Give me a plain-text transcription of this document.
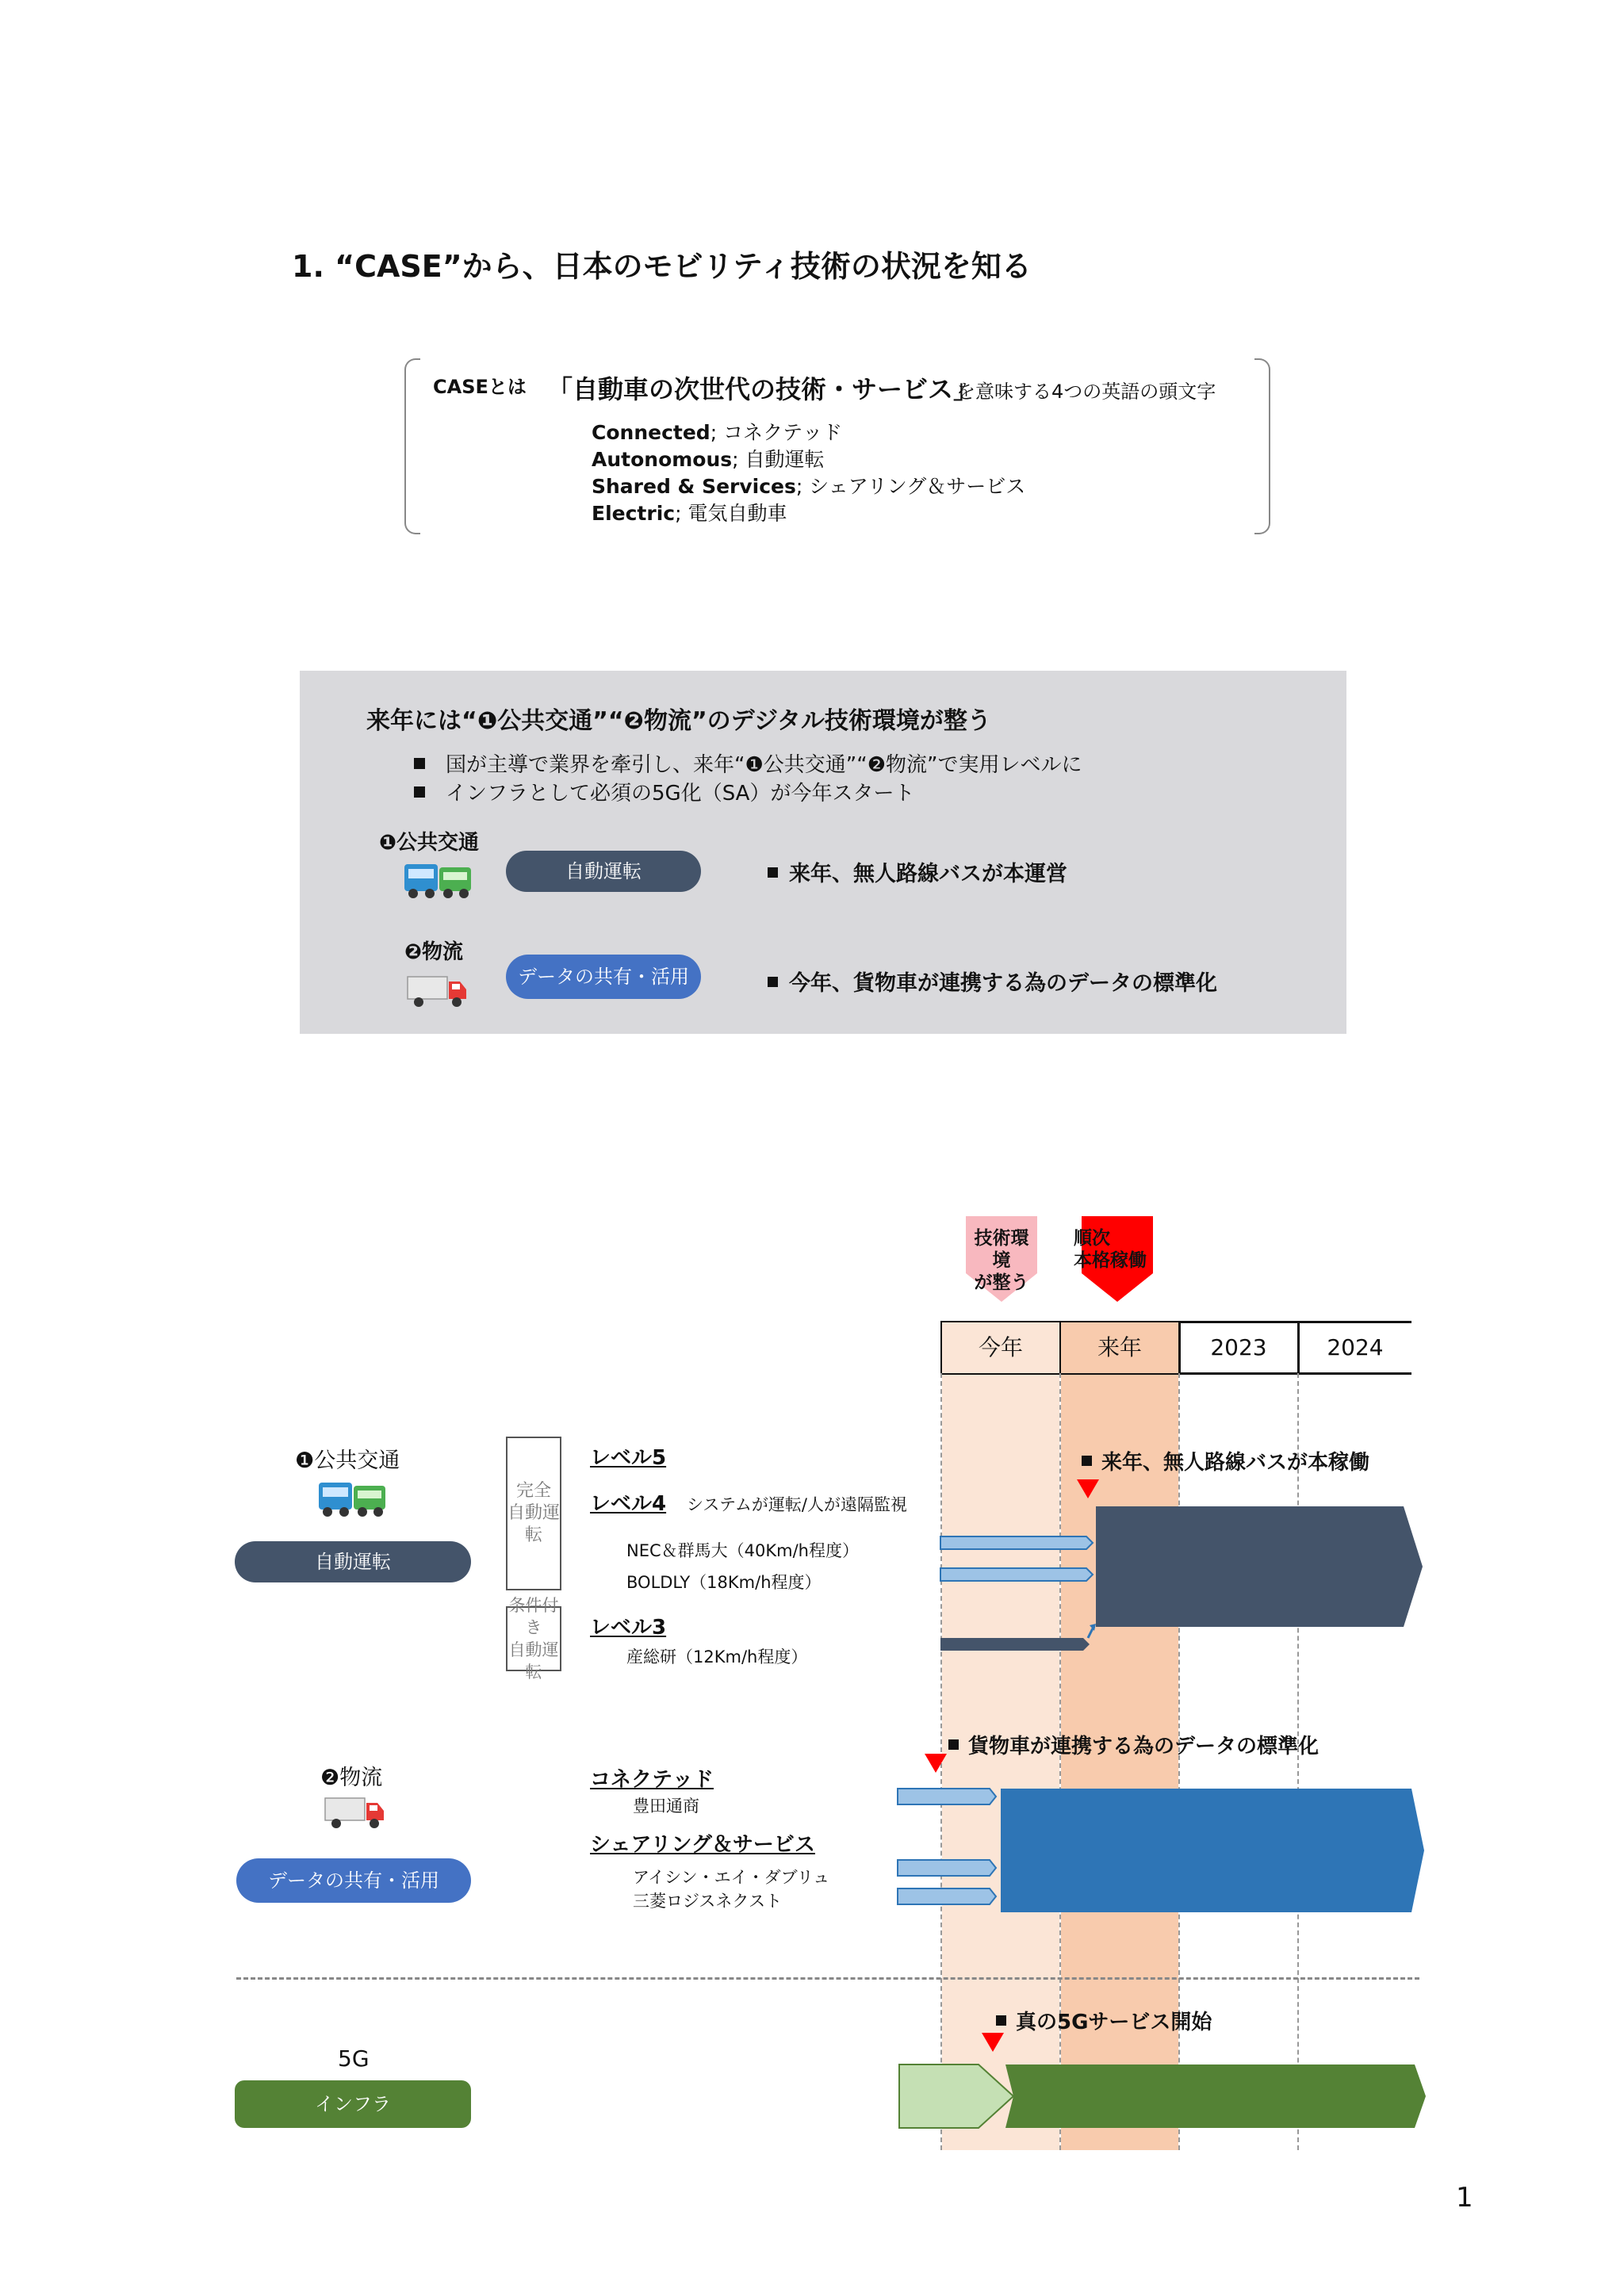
1. “CASE”から、日本のモビリティ技術の状況を知る
CASEとは 「自動車の次世代の技術・サービス」
を意味する4つの英語の頭文字
Connected; コネクテッド
Autonomous; 自動運転
Shared & Services; シェアリング＆サービス
Electric; 電気自動車
来年には“❶公共交通”“❷物流”のデジタル技術環境が整う
国が主導で業界を牽引し、来年“❶公共交通”“❷物流”で実用レベルに
インフラとして必須の5G化（SA）が今年スタート
❶公共交通
自動運転	来年、無人路線バスが本運営
❷物流
データの共有・活用	今年、貨物車が連携する為のデータの標準化
技術環境
が整う
順次
本格稼働
今年	来年	2023	2024
❶公共交通
自動運転
完全
自動運転
条件付き
自動運転
レベル5
レベル4 システムが運転/人が遠隔監視
NEC＆群馬大（40Km/h程度）
BOLDLY（18Km/h程度）
レベル3
産総研（12Km/h程度）
来年、無人路線バスが本稼働
貨物車が連携する為のデータの標準化
❷物流
データの共有・活用
コネクテッド
豊田通商
シェアリング＆サービス
アイシン・エイ・ダブリュ
三菱ロジスネクスト
真の5Gサービス開始
5G
インフラ
1
